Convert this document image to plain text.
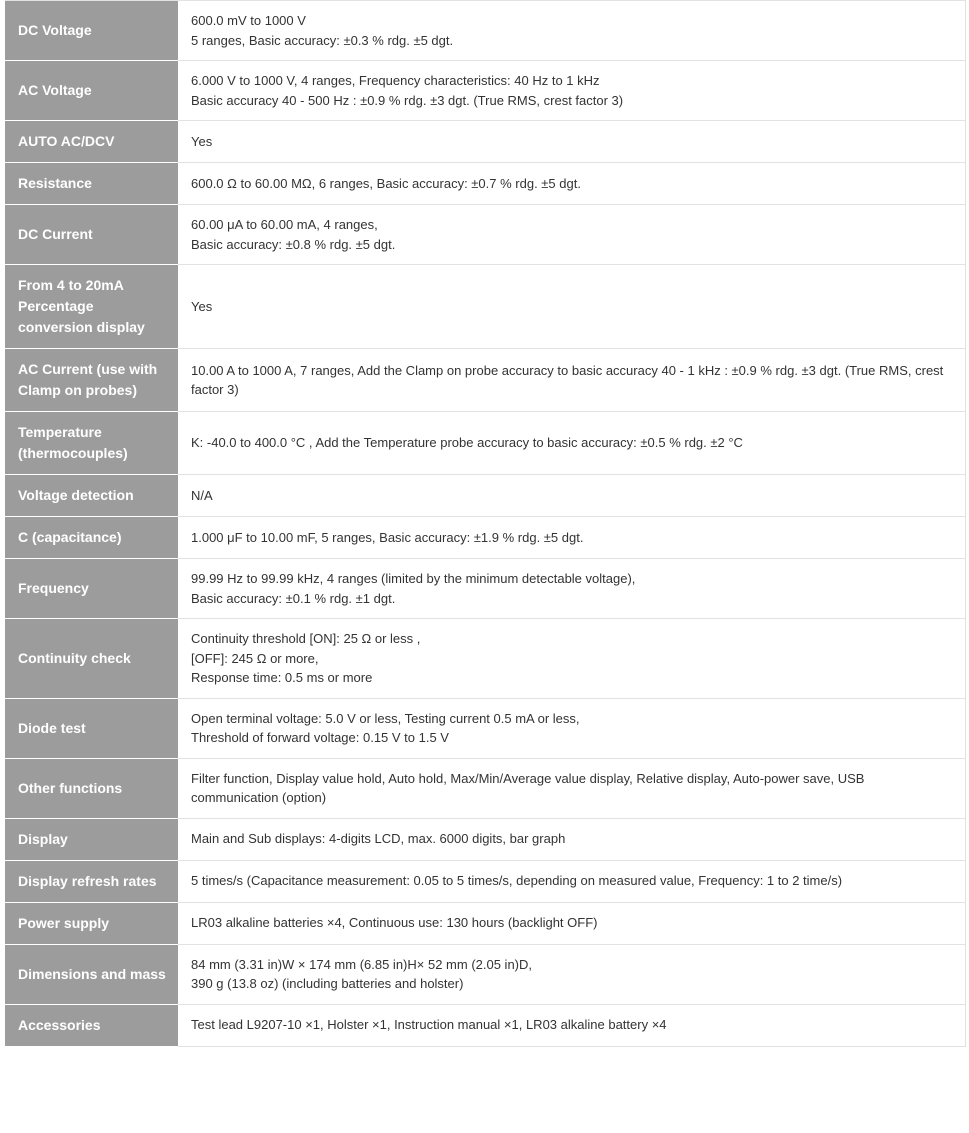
DC Voltage	600.0 mV to 1000 V
5 ranges, Basic accuracy: ±0.3 % rdg. ±5 dgt.
AC Voltage	6.000 V to 1000 V, 4 ranges, Frequency characteristics: 40 Hz to 1 kHz
Basic accuracy 40 - 500 Hz : ±0.9 % rdg. ±3 dgt. (True RMS, crest factor 3)
AUTO AC/DCV	Yes
Resistance	600.0 Ω to 60.00 MΩ, 6 ranges, Basic accuracy: ±0.7 % rdg. ±5 dgt.
DC Current	60.00 μA to 60.00 mA, 4 ranges,
Basic accuracy: ±0.8 % rdg. ±5 dgt.
From 4 to 20mA Percentage conversion display	Yes
AC Current (use with Clamp on probes)	10.00 A to 1000 A, 7 ranges, Add the Clamp on probe accuracy to basic accuracy 40 - 1 kHz : ±0.9 % rdg. ±3 dgt. (True RMS, crest factor 3)
Temperature (thermocouples)	K: -40.0 to 400.0 °C , Add the Temperature probe accuracy to basic accuracy: ±0.5 % rdg. ±2 °C
Voltage detection	N/A
C (capacitance)	1.000 μF to 10.00 mF, 5 ranges, Basic accuracy: ±1.9 % rdg. ±5 dgt.
Frequency	99.99 Hz to 99.99 kHz, 4 ranges (limited by the minimum detectable voltage),
Basic accuracy: ±0.1 % rdg. ±1 dgt.
Continuity check	Continuity threshold [ON]: 25 Ω or less ,
[OFF]: 245 Ω or more,
Response time: 0.5 ms or more
Diode test	Open terminal voltage: 5.0 V or less, Testing current 0.5 mA or less,
Threshold of forward voltage: 0.15 V to 1.5 V
Other functions	Filter function, Display value hold, Auto hold, Max/Min/Average value display, Relative display, Auto-power save, USB communication (option)
Display	Main and Sub displays: 4-digits LCD, max. 6000 digits, bar graph
Display refresh rates	5 times/s (Capacitance measurement: 0.05 to 5 times/s, depending on measured value, Frequency: 1 to 2 time/s)
Power supply	LR03 alkaline batteries ×4, Continuous use: 130 hours (backlight OFF)
Dimensions and mass	84 mm (3.31 in)W × 174 mm (6.85 in)H× 52 mm (2.05 in)D,
390 g (13.8 oz) (including batteries and holster)
Accessories	Test lead L9207-10 ×1, Holster ×1, Instruction manual ×1, LR03 alkaline battery ×4
